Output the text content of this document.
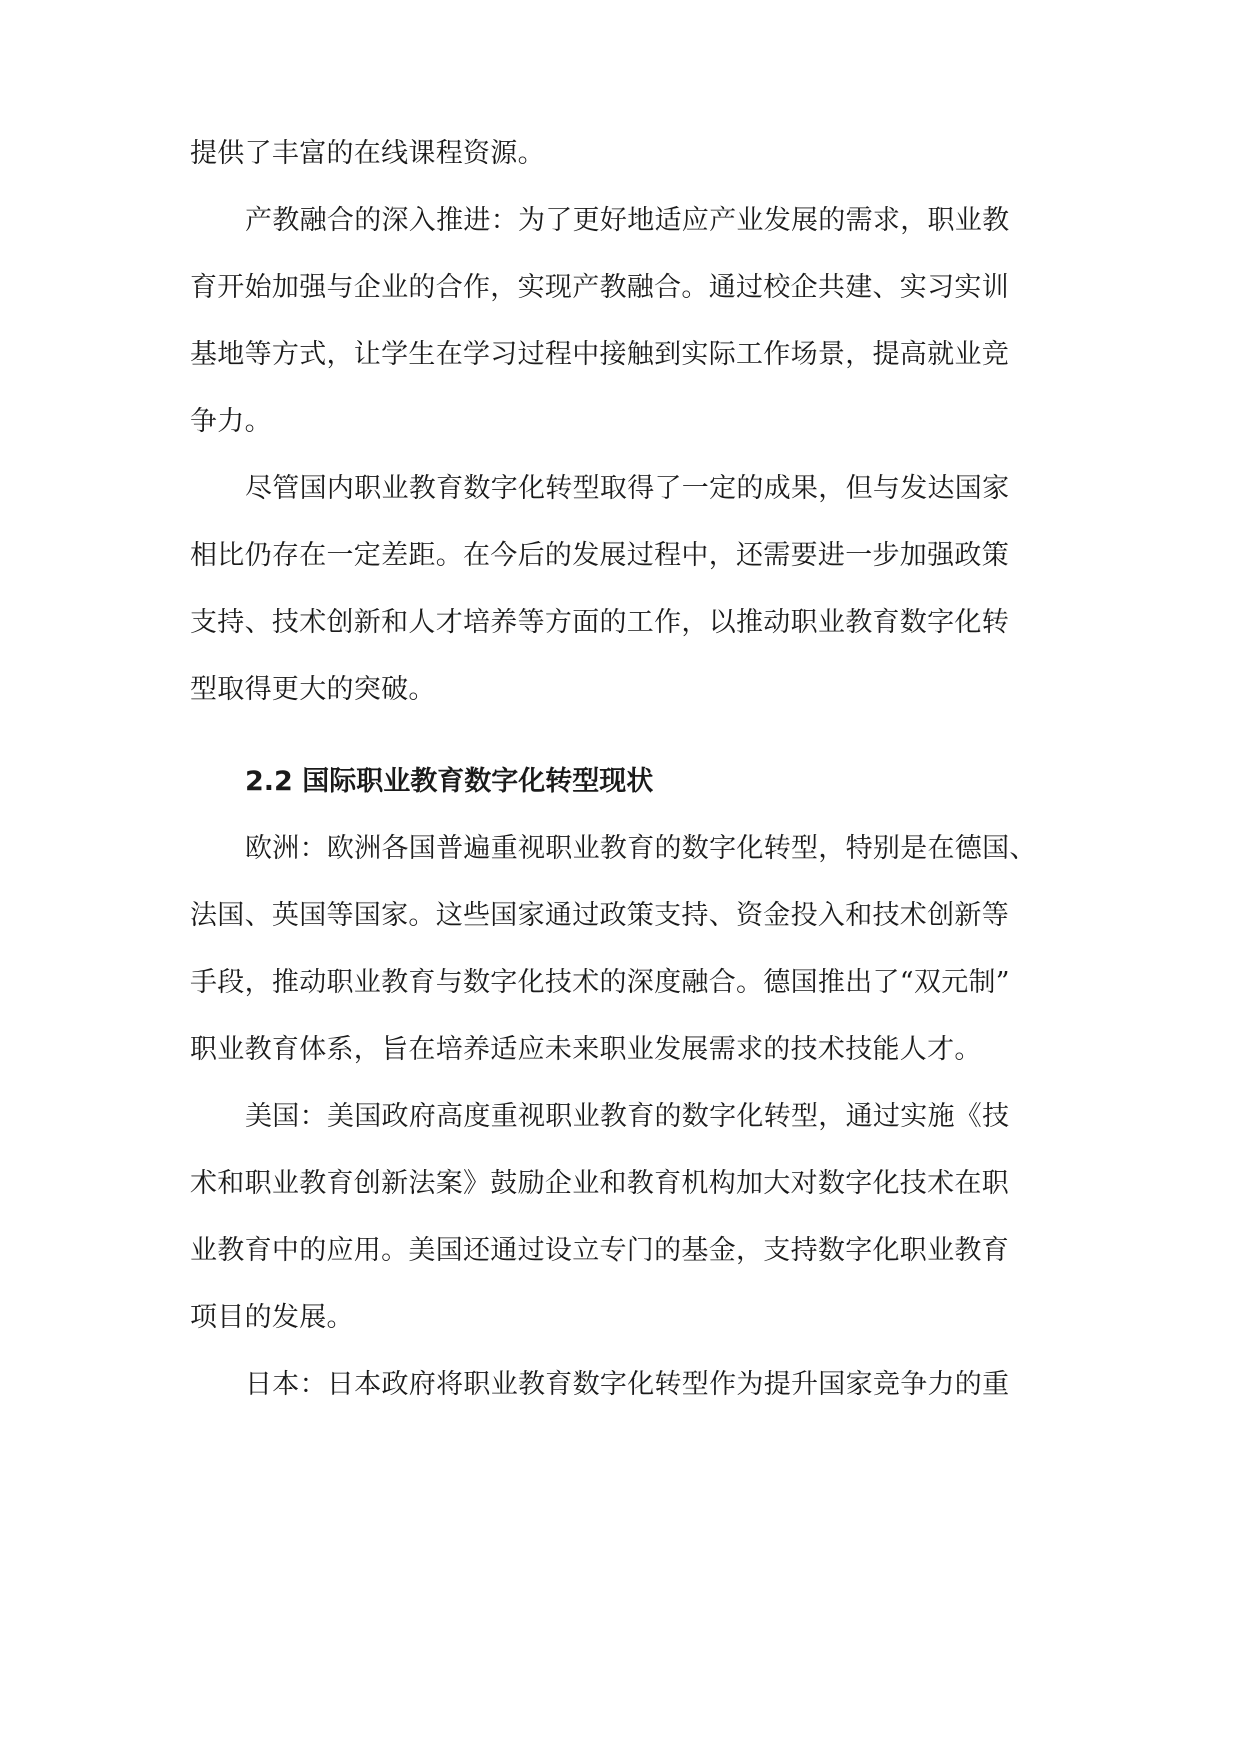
提供了丰富的在线课程资源。
产教融合的深入推进：为了更好地适应产业发展的需求，职业教
育开始加强与企业的合作，实现产教融合。通过校企共建、实习实训
基地等方式，让学生在学习过程中接触到实际工作场景，提高就业竞
争力。
尽管国内职业教育数字化转型取得了一定的成果，但与发达国家
相比仍存在一定差距。在今后的发展过程中，还需要进一步加强政策
支持、技术创新和人才培养等方面的工作，以推动职业教育数字化转
型取得更大的突破。
2.2 国际职业教育数字化转型现状
欧洲：欧洲各国普遍重视职业教育的数字化转型，特别是在德国、
法国、英国等国家。这些国家通过政策支持、资金投入和技术创新等
手段，推动职业教育与数字化技术的深度融合。德国推出了“双元制”
职业教育体系，旨在培养适应未来职业发展需求的技术技能人才。
美国：美国政府高度重视职业教育的数字化转型，通过实施《技
术和职业教育创新法案》鼓励企业和教育机构加大对数字化技术在职
业教育中的应用。美国还通过设立专门的基金，支持数字化职业教育
项目的发展。
日本：日本政府将职业教育数字化转型作为提升国家竞争力的重
